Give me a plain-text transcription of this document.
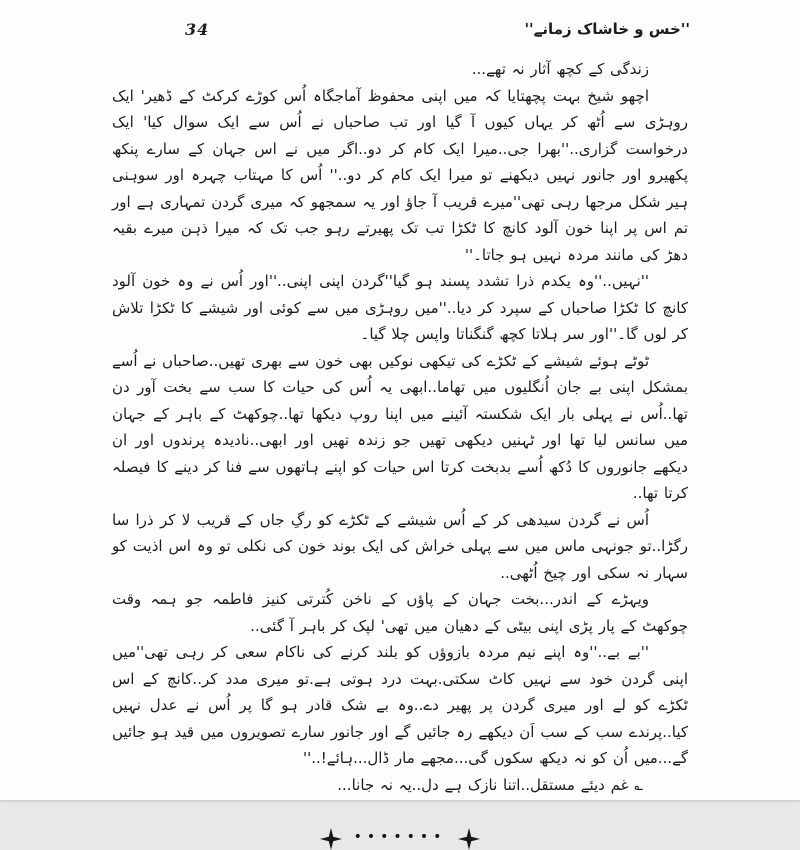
34	''خس و خاشاک زمانے''

زندگی کے کچھ آثار نہ تھے...

اچھو شیخ بہت پچھتایا کہ میں اپنی محفوظ آماجگاہ اُس کوڑے کرکٹ کے ڈھیر' ایک روہڑی سے اُٹھ کر یہاں کیوں آ گیا اور تب صاحباں نے اُس سے ایک سوال کیا' ایک درخواست گزاری..''بھرا جی..میرا ایک کام کر دو..اگر میں نے اس جہان کے سارے پنکھ پکھیرو اور جانور نہیں دیکھنے تو میرا ایک کام کر دو..'' اُس کا مہتاب چہرہ اور سوہنی ہیر شکل مرجھا رہی تھی''میرے قریب آ جاؤ اور یہ سمجھو کہ میری گردن تمہاری ہے اور تم اس پر اپنا خون آلود کانچ کا ٹکڑا تب تک پھیرتے رہو جب تک کہ میرا ذہن میرے بقیہ دھڑ کی مانند مردہ نہیں ہو جاتا۔''

''نہیں..''وہ یکدم ذرا تشدد پسند ہو گیا''گردن اپنی اپنی..''اور اُس نے وہ خون آلود کانچ کا ٹکڑا صاحباں کے سپرد کر دیا..''میں روہڑی میں سے کوئی اور شیشے کا ٹکڑا تلاش کر لوں گا۔''اور سر ہلاتا کچھ گنگناتا واپس چلا گیا۔

ٹوٹے ہوئے شیشے کے ٹکڑے کی تیکھی نوکیں بھی خون سے بھری تھیں..صاحباں نے اُسے بمشکل اپنی بے جان اُنگلیوں میں تھاما..ابھی یہ اُس کی حیات کا سب سے بخت آور دن تھا..اُس نے پہلی بار ایک شکستہ آئینے میں اپنا روپ دیکھا تھا..چوکھٹ کے باہر کے جہان میں سانس لیا تھا اور ٹہنیں دیکھی تھیں جو زندہ تھیں اور ابھی..نادیدہ پرندوں اور ان دیکھے جانوروں کا دُکھ اُسے بدبخت کرتا اس حیات کو اپنے ہاتھوں سے فنا کر دینے کا فیصلہ کرتا تھا..

اُس نے گردن سیدھی کر کے اُس شیشے کے ٹکڑے کو رگِ جاں کے قریب لا کر ذرا سا رگڑا..تو جونہی ماس میں سے پہلی خراش کی ایک بوند خون کی نکلی تو وہ اس اذیت کو سہار نہ سکی اور چیخ اُٹھی..

ویہڑے کے اندر...بخت جہان کے پاؤں کے ناخن کُترتی کنیز فاطمہ جو ہمہ وقت چوکھٹ کے پار پڑی اپنی بیٹی کے دھیان میں تھی' لپک کر باہر آ گئی..

''بے بے..''وہ اپنے نیم مردہ بازوؤں کو بلند کرنے کی ناکام سعی کر رہی تھی''میں اپنی گردن خود سے نہیں کاٹ سکتی.بہت درد ہوتی ہے.تو میری مدد کر..کانچ کے اس ٹکڑے کو لے اور میری گردن پر پھیر دے..وہ بے شک قادر ہو گا پر اُس نے عدل نہیں کیا..پرندے سب کے سب اَن دیکھے رہ جائیں گے اور جانور سارے تصویروں میں قید ہو جائیں گے...میں اُن کو نہ دیکھ سکوں گی...مجھے مار ڈال...ہائے!..''

؎ غم دیئے مستقل..اتنا نازک ہے دل..یہ نہ جانا...

•••••••
